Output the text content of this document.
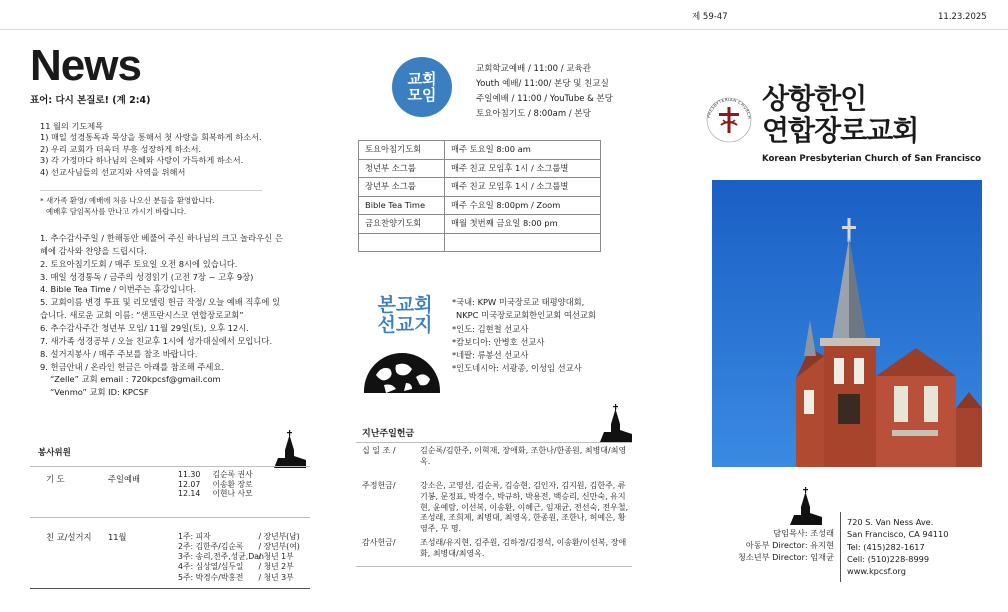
제 59-47	11.23.2025
News
표어: 다시 본질로! (계 2:4)
11 월의 기도제목
1) 매일 성경통독과 묵상을 통해서 첫 사랑을 회복하게 하소서.
2) 우리 교회가 더욱더 부흥 성장하게 하소서.
3) 각 가정마다 하나님의 은혜와 사랑이 가득하게 하소서.
4) 선교사님들의 선교지와 사역을 위해서
* 새가족 환영/ 예배에 처음 나오신 분들을 환영합니다.
예배후 담임목사를 만나고 가시기 바랍니다.
1. 추수감사주일 / 한해동안 베풀어 주신 하나님의 크고 놀라우신 은
혜에 감사와 찬양을 드립시다.
2. 토요아침기도회 / 매주 토요일 오전 8시에 있습니다.
3. 매일 성경통독 / 금주의 성경읽기 (고전 7장 ~ 고후 9장)
4. Bible Tea Time / 이번주는 휴강입니다.
5. 교회이름 변경 투표 및 리모델링 헌금 작정/ 오늘 예배 직후에 있
습니다. 새로운 교회 이름: “샌프란시스코 연합장로교회”
6. 추수감사주간 청년부 모임/ 11월 29일(토), 오후 12시.
7. 새가족 성경공부 / 오늘 친교후 1시에 성가대실에서 모입니다.
8. 설거지봉사 / 매주 주보를 참조 바랍니다.
9. 헌금안내 / 온라인 헌금은 아래를 참조해 주세요.
“Zelle” 교회 email : 720kpcsf@gmail.com
“Venmo” 교회 ID: KPCSF
봉사위원
기 도	주일예배	11.30 김순록 권사
12.07 이송환 장로
12.14 이현나 사모
친 교/설거지 11월	1주: 피자	/ 장년부(남)
2주: 김한주/김순록 / 장년부(여)
3주: 송리,전주,성균,Dan / 청년 1부
4주: 심상열/심두일 / 청년 2부
5주: 박경수/박홍전 / 청년 3부
교회
모임
교회학교예배 / 11:00 / 교육관
Youth 예배/ 11:00/ 본당 및 친교실
주일예배 / 11:00 / YouTube & 본당
토요아침기도 / 8:00am / 본당
토요아침기도회	매주 토요일 8:00 am
청년부 소그룹	매주 친교 모임후 1시 / 소그룹별
장년부 소그룹	매주 친교 모임후 1시 / 소그룹별
Bible Tea Time	매주 수요일 8:00pm / Zoom
금요찬양기도회	매월 첫번째 금요일 8:00 pm

본교회
선교지
*국내: KPW 미국장로교 태평양대회,
NKPC 미국장로교회한인교회 여선교회
*인도: 김현철 선교사
*캄보디아: 안병호 선교사
*네팔: 류봉선 선교사
*인도네시아: 서광종, 이성임 선교사
지난주일헌금
십 일 조 /	김순록/김한주, 이혁재, 장애화, 조한나/한종원, 최병대/최영옥.
주정헌금/	강소은, 고영선, 김순록, 김승현, 김인자, 김지원, 김한주, 류기봉, 문정표, 박경수, 박규하, 박용전, 백승리, 신만숙, 유지현, 윤예람, 이선복, 이송환, 이혜근, 임재균, 전선숙, 전우철, 조성래, 조희제, 최병대, 최영옥, 한종원, 조한나, 허예은, 황영주, 무 명.
감사헌금/	조성래/유지현, 김주원, 김하경/김경석, 이송환/이선복, 장애화, 최병대/최영옥.
PRESBYTERIAN CHURCH
상항한인
연합장로교회
Korean Presbyterian Church of San Francisco
담임목사: 조성래
아동부 Director: 유지현
청소년부 Director: 임재균
720 S. Van Ness Ave.
San Francisco, CA 94110
Tel: (415)282-1617
Cell: (510)228-8999
www.kpcsf.org
